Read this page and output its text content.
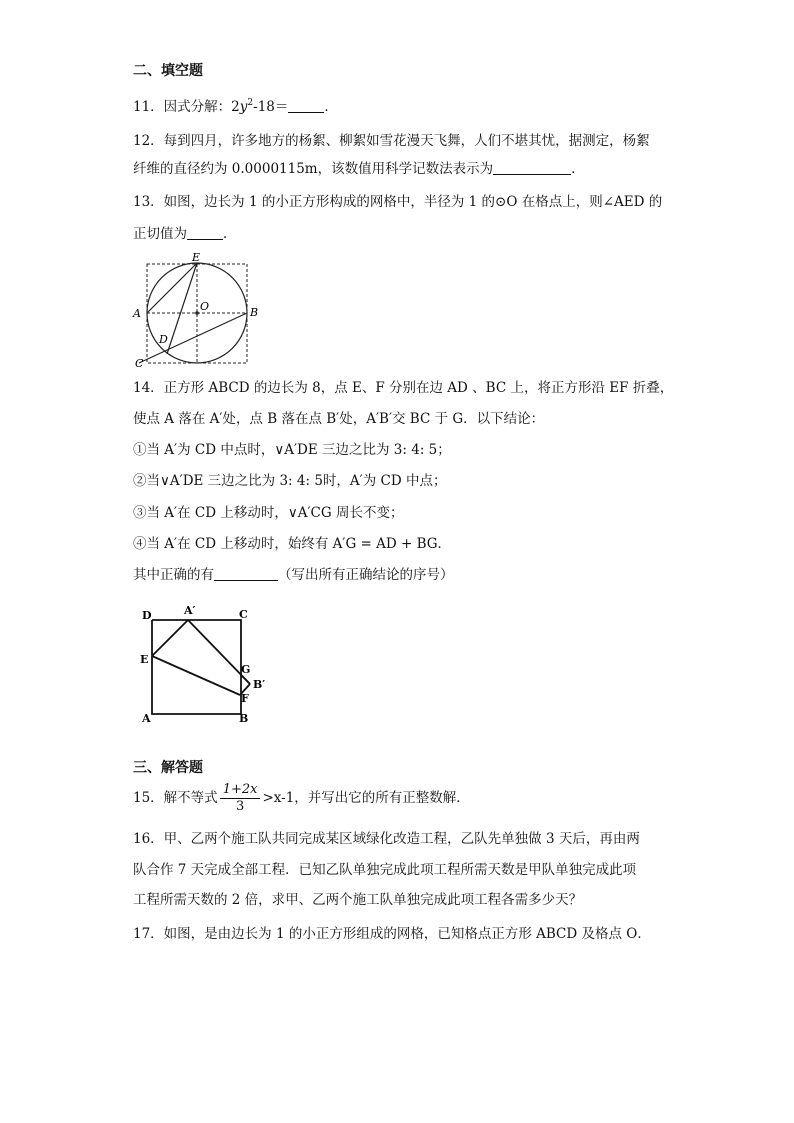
二、填空题
11．因式分解：$2y^2-18=$	．
12．每到四月，许多地方的杨絮、柳絮如雪花漫天飞舞，人们不堪其忧，据测定，杨絮
纤维的直径约为 0.0000115m，该数值用科学记数法表示为	．
13．如图，边长为 1 的小正方形构成的网格中，半径为 1 的⊙O 在格点上，则∠AED 的
正切值为	．
E
A
O	B
D
C
14．正方形 ABCD 的边长为 8，点 E、F 分别在边 AD 、BC 上，将正方形沿 EF 折叠，
使点 A 落在 A′处，点 B 落在点 B′处，A′B′交 BC 于 G．以下结论：
①当 A′为 CD 中点时，∨A′DE 三边之比为 3: 4: 5；
②当∨A′DE 三边之比为 3: 4: 5时，A′为 CD 中点；
③当 A′在 CD 上移动时，∨A′CG 周长不变；
④当 A′在 CD 上移动时，始终有 A′G = AD + BG．
其中正确的有	（写出所有正确结论的序号）
D	A′	C
E
G
B′
F
A	B
三、解答题
15．解不等式 $\frac{1+2x}{3} >x-1$，并写出它的所有正整数解．
16．甲、乙两个施工队共同完成某区域绿化改造工程，乙队先单独做 3 天后，再由两
队合作 7 天完成全部工程．已知乙队单独完成此项工程所需天数是甲队单独完成此项
工程所需天数的 2 倍，求甲、乙两个施工队单独完成此项工程各需多少天？
17．如图，是由边长为 1 的小正方形组成的网格，已知格点正方形 ABCD 及格点 O．
